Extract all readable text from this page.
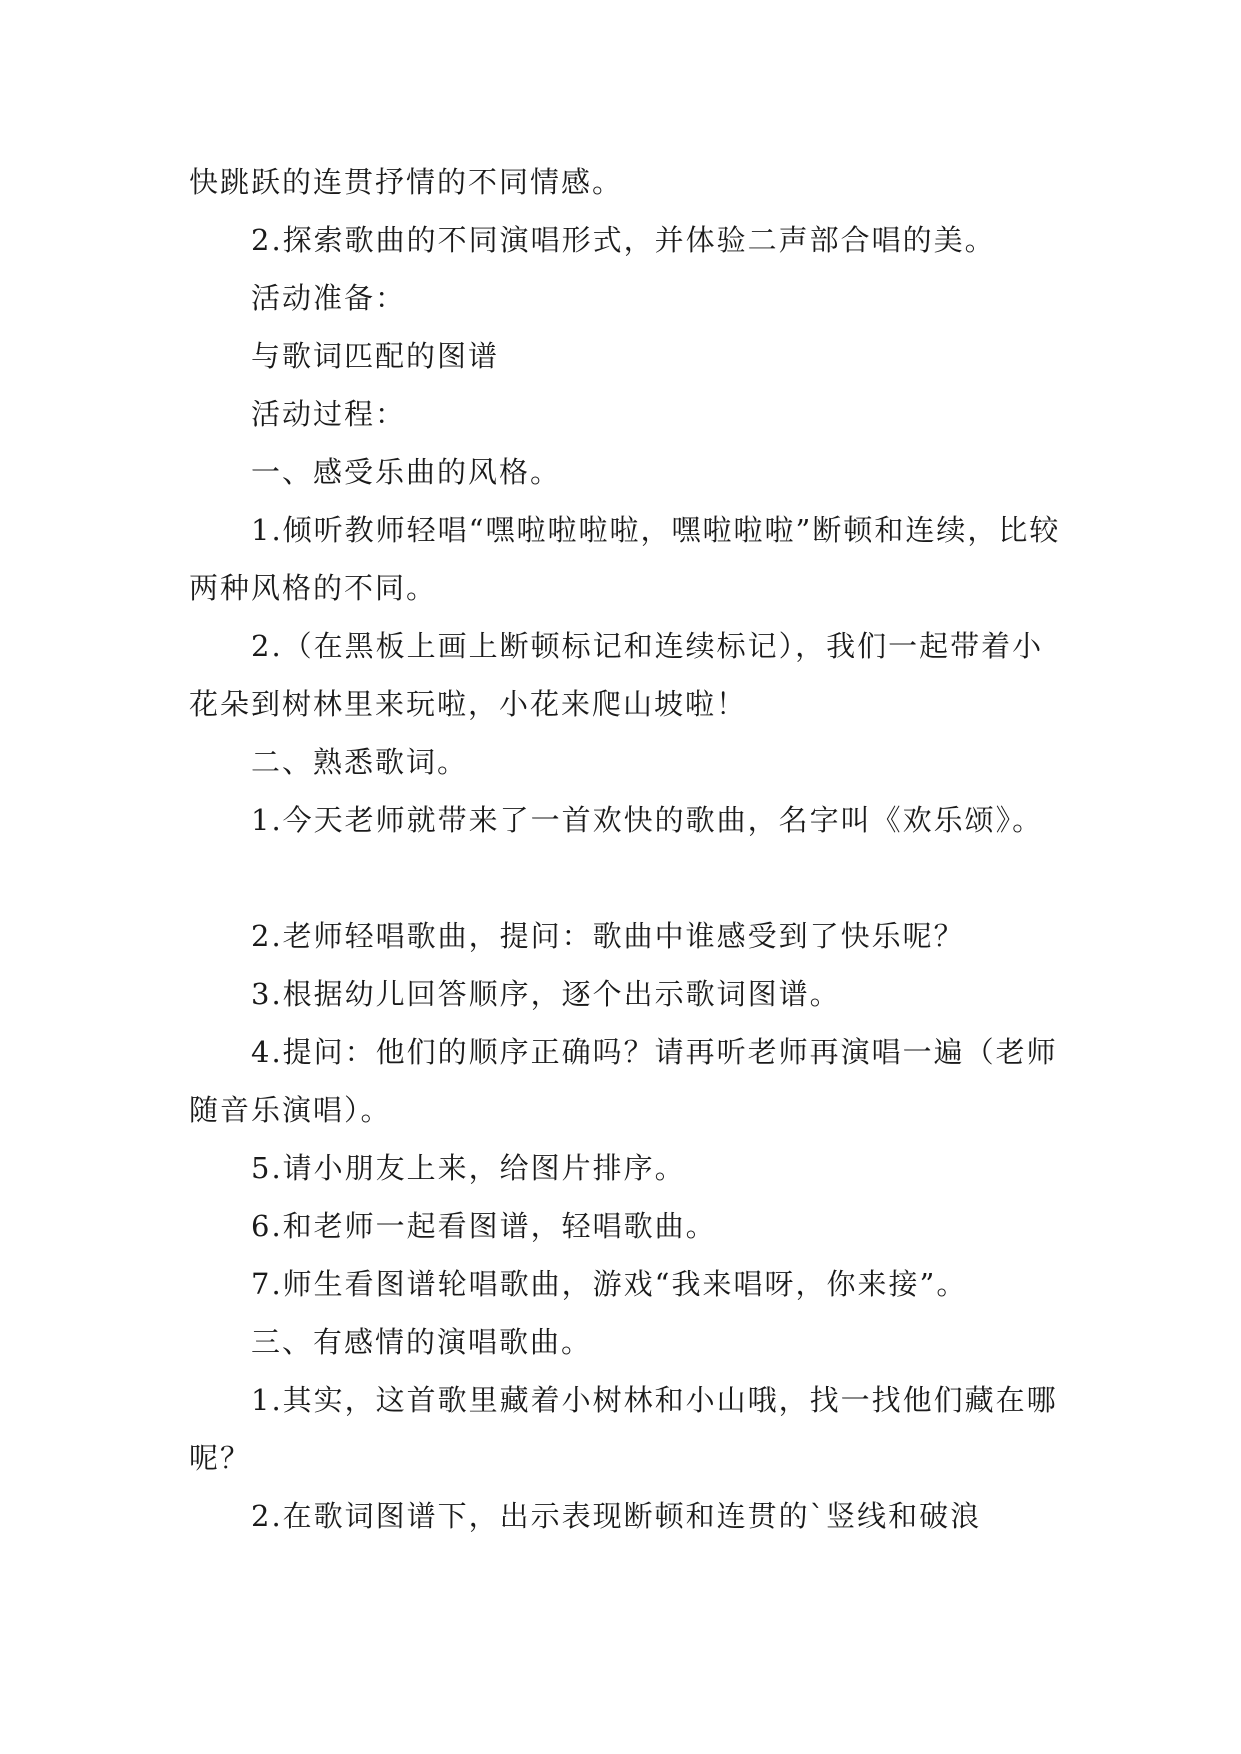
快跳跃的连贯抒情的不同情感。

2.探索歌曲的不同演唱形式，并体验二声部合唱的美。

活动准备：

与歌词匹配的图谱

活动过程：

一、感受乐曲的风格。

1.倾听教师轻唱“嘿啦啦啦啦，嘿啦啦啦”断顿和连续，比较两种风格的不同。

2.（在黑板上画上断顿标记和连续标记），我们一起带着小花朵到树林里来玩啦，小花来爬山坡啦！

二、熟悉歌词。

1.今天老师就带来了一首欢快的歌曲，名字叫《欢乐颂》。

2.老师轻唱歌曲，提问：歌曲中谁感受到了快乐呢？

3.根据幼儿回答顺序，逐个出示歌词图谱。

4.提问：他们的顺序正确吗？请再听老师再演唱一遍（老师随音乐演唱）。

5.请小朋友上来，给图片排序。

6.和老师一起看图谱，轻唱歌曲。

7.师生看图谱轮唱歌曲，游戏“我来唱呀，你来接”。

三、有感情的演唱歌曲。

1.其实，这首歌里藏着小树林和小山哦，找一找他们藏在哪呢？

2.在歌词图谱下，出示表现断顿和连贯的`竖线和破浪
